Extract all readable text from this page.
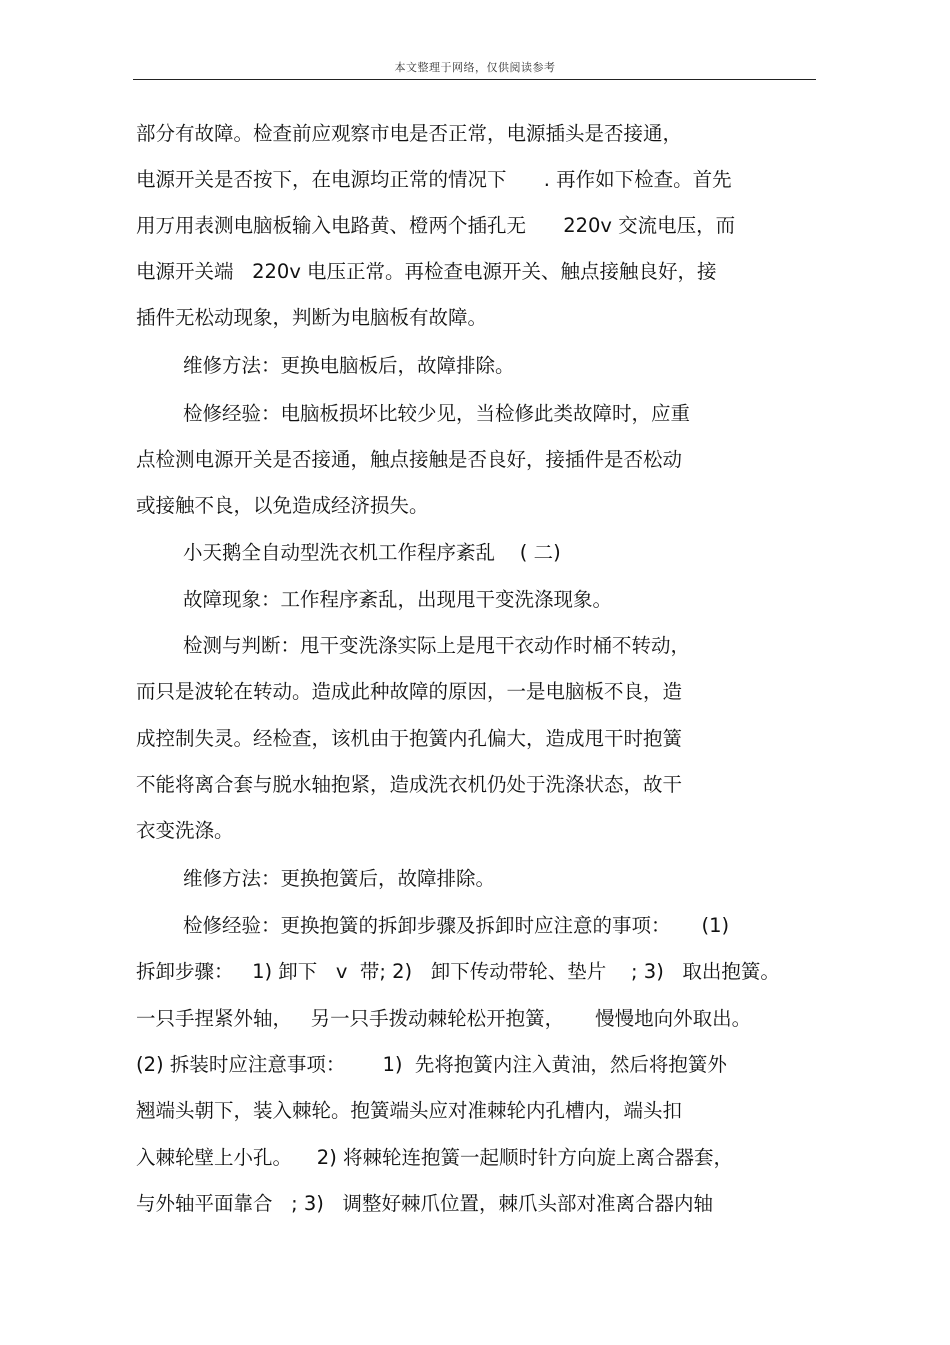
本文整理于网络，仅供阅读参考
部分有故障。检查前应观察市电是否正常，电源插头是否接通，
电源开关是否按下，在电源均正常的情况下      . 再作如下检查。首先
用万用表测电脑板输入电路黄、橙两个插孔无      220v 交流电压，而
电源开关端   220v 电压正常。再检查电源开关、触点接触良好，接
插件无松动现象，判断为电脑板有故障。
维修方法：更换电脑板后，故障排除。
检修经验：电脑板损坏比较少见，当检修此类故障时，应重
点检测电源开关是否接通，触点接触是否良好，接插件是否松动
或接触不良，以免造成经济损失。
小天鹅全自动型洗衣机工作程序紊乱    ( 二)
故障现象：工作程序紊乱，出现甩干变洗涤现象。
检测与判断：甩干变洗涤实际上是甩干衣动作时桶不转动，
而只是波轮在转动。造成此种故障的原因，一是电脑板不良，造
成控制失灵。经检查，该机由于抱簧内孔偏大，造成甩干时抱簧
不能将离合套与脱水轴抱紧，造成洗衣机仍处于洗涤状态，故干
衣变洗涤。
维修方法：更换抱簧后，故障排除。
检修经验：更换抱簧的拆卸步骤及拆卸时应注意的事项：     (1)
拆卸步骤：   1) 卸下   v  带; 2)   卸下传动带轮、垫片    ; 3)   取出抱簧。
一只手捏紧外轴，   另一只手拨动棘轮松开抱簧，     慢慢地向外取出。
(2) 拆装时应注意事项：      1)  先将抱簧内注入黄油，然后将抱簧外
翘端头朝下，装入棘轮。抱簧端头应对准棘轮内孔槽内，端头扣
入棘轮壁上小孔。    2) 将棘轮连抱簧一起顺时针方向旋上离合器套，
与外轴平面靠合   ; 3)   调整好棘爪位置，棘爪头部对准离合器内轴
